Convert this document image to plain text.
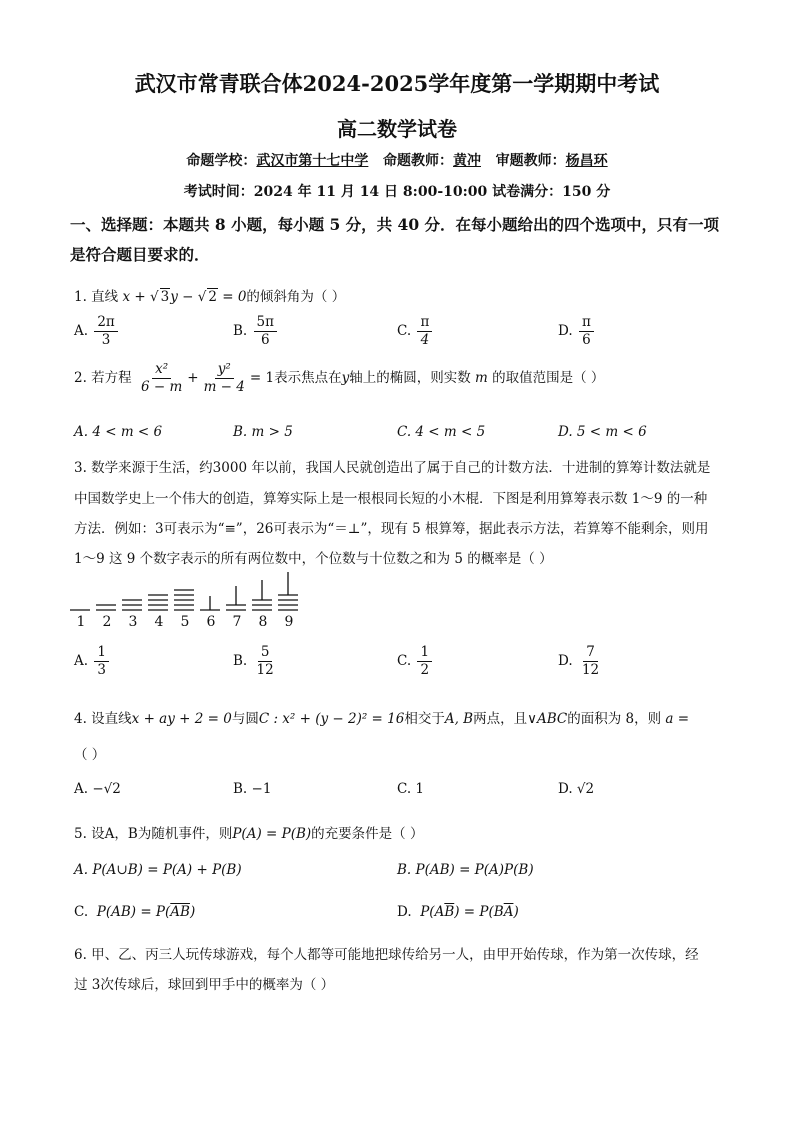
武汉市常青联合体2024-2025学年度第一学期期中考试
高二数学试卷
命题学校：武汉市第十七中学 命题教师：黄冲 审题教师：杨昌环
考试时间：2024 年 11 月 14 日 8:00-10:00 试卷满分：150 分
一、选择题：本题共 8 小题，每小题 5 分，共 40 分．在每小题给出的四个选项中，只有一项
是符合题目要求的．
1. 直线 x + √ 3y − √ 2 = 0的倾斜角为（ ）
A. $\frac{2\pi}{3}$	B. $\frac{5\pi}{6}$	C. $\frac{\pi}{4}$	D. $\frac{\pi}{6}$
2. 若方程 $\frac{\text{x²}}{6 - m} + \frac{\text{y²}}{m - 4} = 1$表示焦点在y轴上的椭圆，则实数 m 的取值范围是（ ）
A. 4 < m < 6	B. m > 5	C. 4 < m < 5	D. 5 < m < 6
3. 数学来源于生活，约3000 年以前，我国人民就创造出了属于自己的计数方法．十进制的算筹计数法就是
中国数学史上一个伟大的创造，算筹实际上是一根根同长短的小木棍．下图是利用算筹表示数 1～9 的一种
方法．例如：3可表示为“≡”，26可表示为“＝⊥”，现有 5 根算筹，据此表示方法，若算筹不能剩余，则用
1～9 这 9 个数字表示的所有两位数中，个位数与十位数之和为 5 的概率是（ ）
1	2	3	4	5	6	7	8	9
A. $\frac{1}{3}$	B. $\frac{5}{12}$	C. $\frac{1}{2}$	D. $\frac{7}{12}$
4. 设直线x + ay + 2 = 0与圆C : x² + (y − 2)² = 16相交于A, B两点，且∨ABC的面积为 8，则 a =
（ ）
A. −√2	B. −1	C. 1	D. √2
5. 设A，B为随机事件，则P(A) = P(B)的充要条件是（ ）
A. P(A∪B) = P(A) + P(B)	B. P(AB) = P(A)P(B)
C.  $P(AB) = P(\overline{AB})$	D.  $P(A\overline{B}) = P(B\overline{A})$
6. 甲、乙、丙三人玩传球游戏，每个人都等可能地把球传给另一人，由甲开始传球，作为第一次传球，经
过 3次传球后，球回到甲手中的概率为（ ）
